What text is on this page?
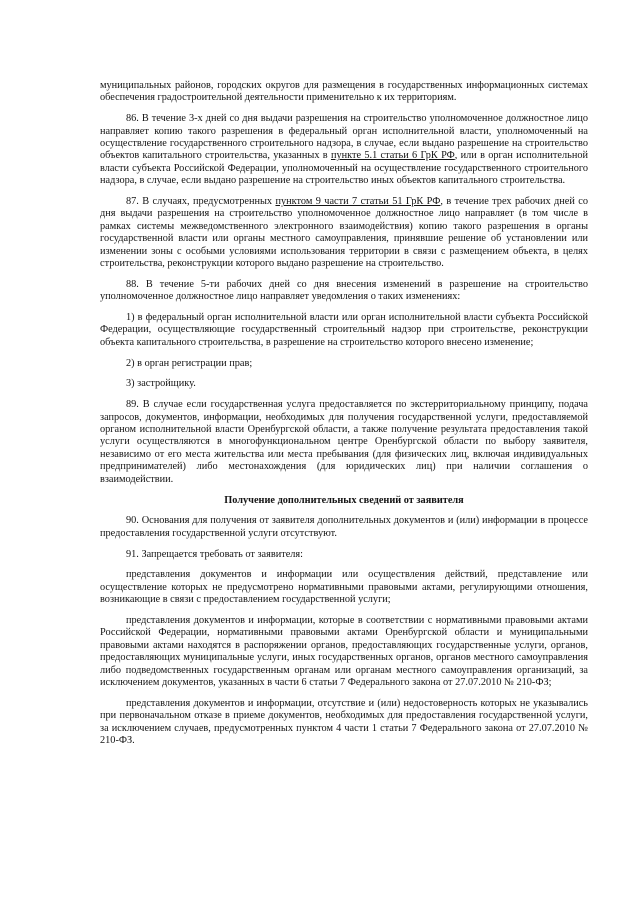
муниципальных районов, городских округов для размещения в государственных информационных системах обеспечения градостроительной деятельности применительно к их территориям.

86. В течение 3-х дней со дня выдачи разрешения на строительство уполномоченное должностное лицо направляет копию такого разрешения в федеральный орган исполнительной власти, уполномоченный на осуществление государственного строительного надзора, в случае, если выдано разрешение на строительство объектов капитального строительства, указанных в пункте 5.1 статьи 6 ГрК РФ, или в орган исполнительной власти субъекта Российской Федерации, уполномоченный на осуществление государственного строительного надзора, в случае, если выдано разрешение на строительство иных объектов капитального строительства.

87. В случаях, предусмотренных пунктом 9 части 7 статьи 51 ГрК РФ, в течение трех рабочих дней со дня выдачи разрешения на строительство уполномоченное должностное лицо направляет (в том числе в рамках системы межведомственного электронного взаимодействия) копию такого разрешения в органы государственной власти или органы местного самоуправления, принявшие решение об установлении или изменении зоны с особыми условиями использования территории в связи с размещением объекта, в целях строительства, реконструкции которого выдано разрешение на строительство.

88. В течение 5-ти рабочих дней со дня внесения изменений в разрешение на строительство уполномоченное должностное лицо направляет уведомления о таких изменениях:

1) в федеральный орган исполнительной власти или орган исполнительной власти субъекта Российской Федерации, осуществляющие государственный строительный надзор при строительстве, реконструкции объекта капитального строительства, в разрешение на строительство которого внесено изменение;

2) в орган регистрации прав;

3) застройщику.

89. В случае если государственная услуга предоставляется по экстерриториальному принципу, подача запросов, документов, информации, необходимых для получения государственной услуги, предоставляемой органом исполнительной власти Оренбургской области, а также получение результата предоставления такой услуги осуществляются в многофункциональном центре Оренбургской области по выбору заявителя, независимо от его места жительства или места пребывания (для физических лиц, включая индивидуальных предпринимателей) либо местонахождения (для юридических лиц) при наличии соглашения о взаимодействии.

Получение дополнительных сведений от заявителя

90. Основания для получения от заявителя дополнительных документов и (или) информации в процессе предоставления государственной услуги отсутствуют.

91. Запрещается требовать от заявителя:

представления документов и информации или осуществления действий, представление или осуществление которых не предусмотрено нормативными правовыми актами, регулирующими отношения, возникающие в связи с предоставлением государственной услуги;

представления документов и информации, которые в соответствии с нормативными правовыми актами Российской Федерации, нормативными правовыми актами Оренбургской области и муниципальными правовыми актами находятся в распоряжении органов, предоставляющих государственные услуги, органов, предоставляющих муниципальные услуги, иных государственных органов, органов местного самоуправления либо подведомственных государственным органам или органам местного самоуправления организаций, за исключением документов, указанных в части 6 статьи 7 Федерального закона от 27.07.2010 № 210-ФЗ;

представления документов и информации, отсутствие и (или) недостоверность которых не указывались при первоначальном отказе в приеме документов, необходимых для предоставления государственной услуги, за исключением случаев, предусмотренных пунктом 4 части 1 статьи 7 Федерального закона от 27.07.2010 № 210-ФЗ.
